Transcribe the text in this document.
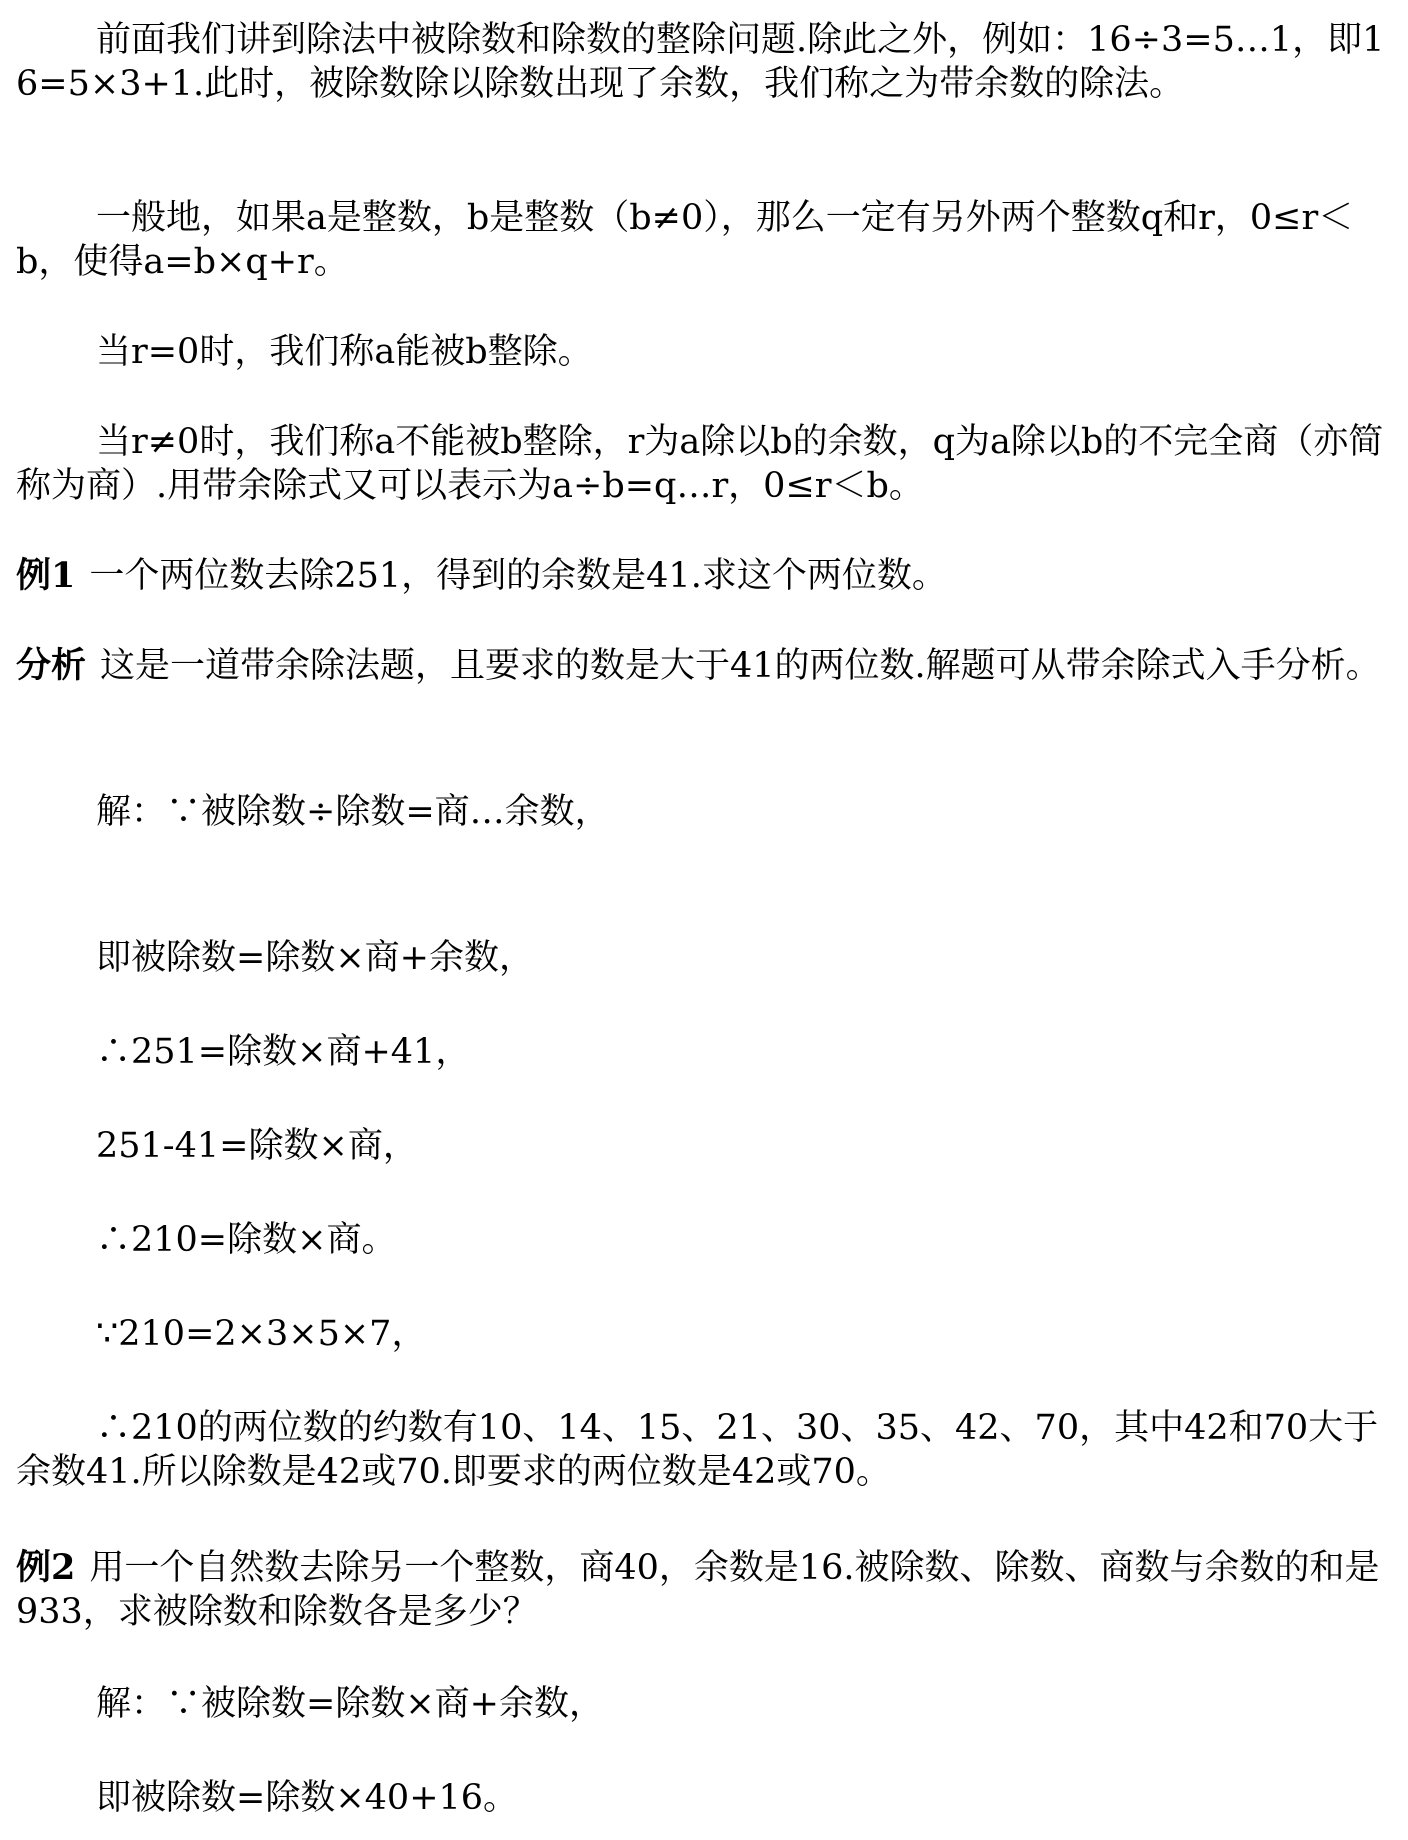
前面我们讲到除法中被除数和除数的整除问题.除此之外，例如：16÷3=5…1，即16=5×3+1.此时，被除数除以除数出现了余数，我们称之为带余数的除法。
一般地，如果a是整数，b是整数（b≠0），那么一定有另外两个整数q和r，0≤r＜b，使得a=b×q+r。
当r=0时，我们称a能被b整除。
当r≠0时，我们称a不能被b整除，r为a除以b的余数，q为a除以b的不完全商（亦简称为商）.用带余除式又可以表示为a÷b=q…r，0≤r＜b。
例1 一个两位数去除251，得到的余数是41.求这个两位数。
分析 这是一道带余除法题，且要求的数是大于41的两位数.解题可从带余除式入手分析。
解：∵被除数÷除数=商…余数，
即被除数=除数×商+余数，
∴251=除数×商+41，
251-41=除数×商，
∴210=除数×商。
∵210=2×3×5×7，
∴210的两位数的约数有10、14、15、21、30、35、42、70，其中42和70大于余数41.所以除数是42或70.即要求的两位数是42或70。
例2 用一个自然数去除另一个整数，商40，余数是16.被除数、除数、商数与余数的和是933，求被除数和除数各是多少？
解：∵被除数=除数×商+余数，
即被除数=除数×40+16。
